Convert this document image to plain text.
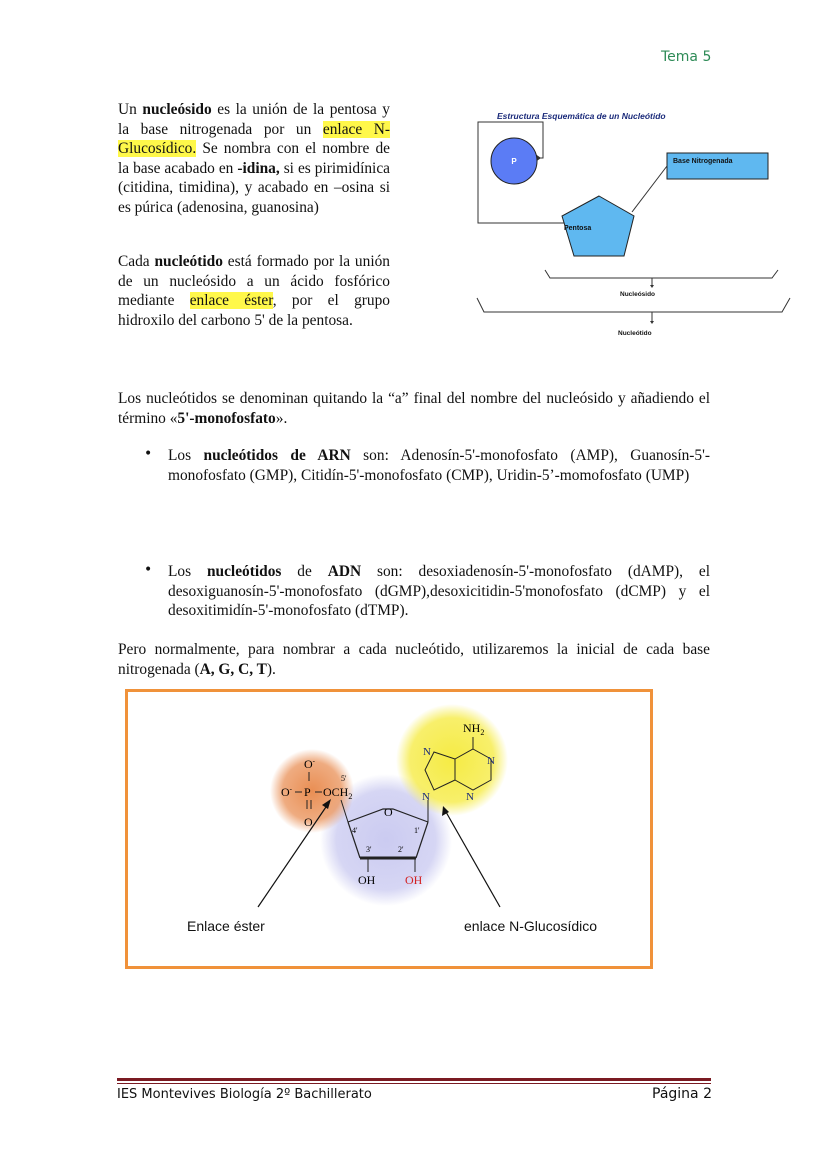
Tema 5
Un nucleósido es la unión de la pentosa y la base nitrogenada por un enlace N-Glucosídico. Se nombra con el nombre de la base acabado en -idina, si es pirimidínica (citidina, timidina), y acabado en –osina si es púrica (adenosina, guanosina)
Cada nucleótido está formado por la unión de un nucleósido a un ácido fosfórico mediante enlace éster, por el grupo hidroxilo del carbono 5' de la pentosa.
Estructura Esquemática de un Nucleótido
P	Base Nitrogenada
Pentosa
Nucleósido
Nucleótido
Los nucleótidos se denominan quitando la “a” final del nombre del nucleósido y añadiendo el término «5'-monofosfato».
• Los nucleótidos de ARN son: Adenosín-5'-monofosfato (AMP), Guanosín-5'-monofosfato (GMP), Citidín-5'-monofosfato (CMP), Uridin-5’-momofosfato (UMP)
• Los nucleótidos de ADN son: desoxiadenosín-5'-monofosfato (dAMP), el desoxiguanosín-5'-monofosfato (dGMP),desoxicitidin-5'monofosfato (dCMP) y el desoxitimidín-5'-monofosfato (dTMP).
Pero normalmente, para nombrar a cada nucleótido, utilizaremos la inicial de cada base nitrogenada (A, G, C, T).
O-
O- P $OCH_2$
5'
O
O
4'	1'
3'	2'
OH OH
$NH_2$
N
N
N	N
Enlace éster	enlace N-Glucosídico
IES Montevives Biología 2º Bachillerato	Página 2
